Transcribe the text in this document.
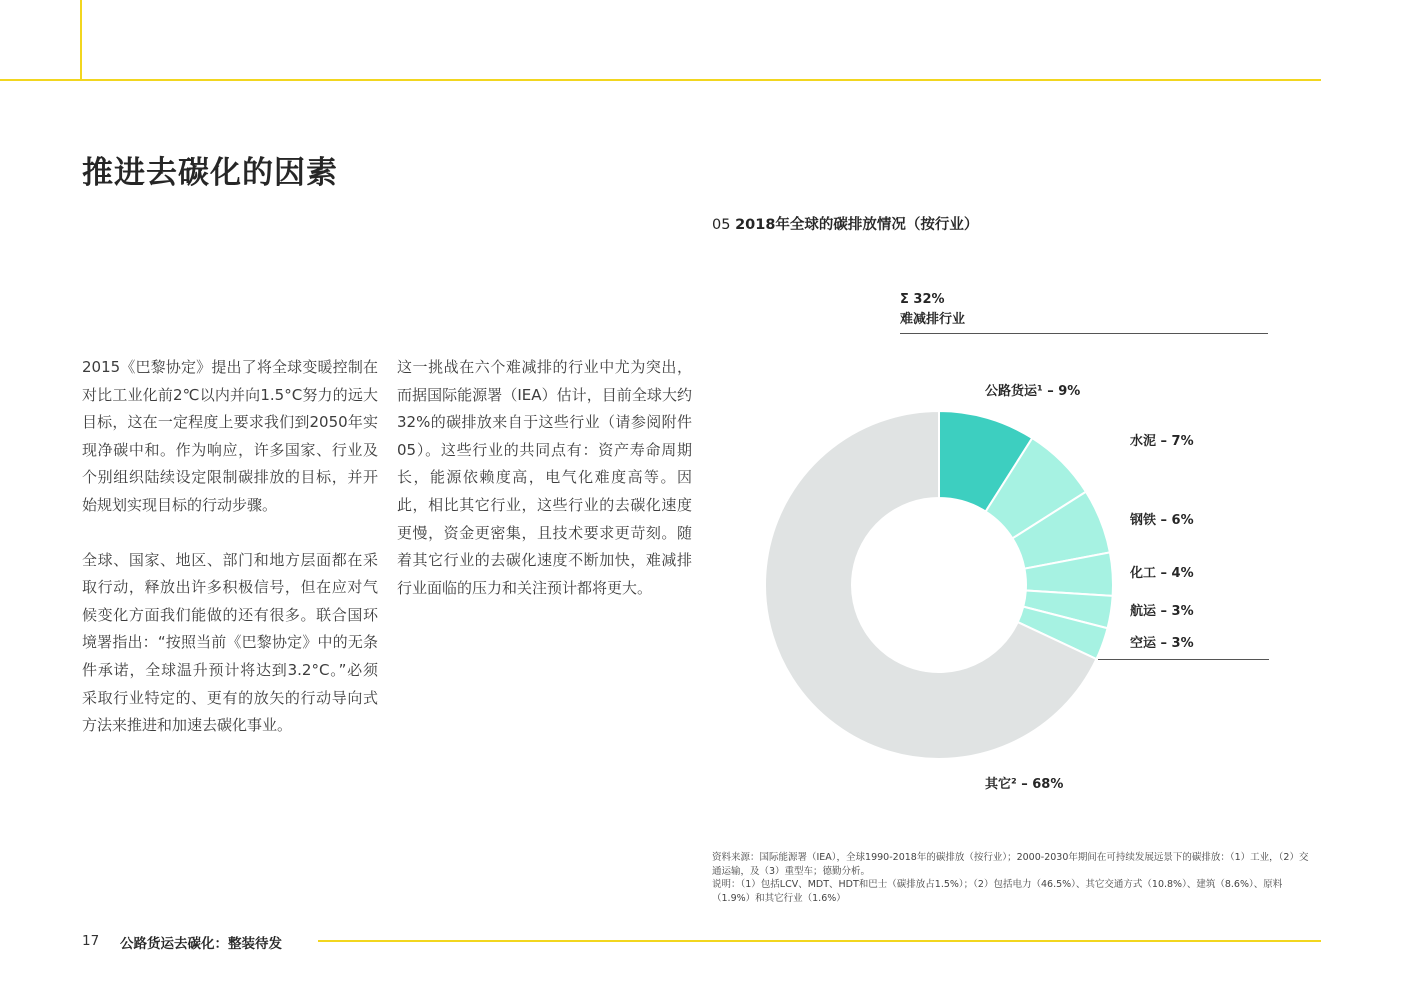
推进去碳化的因素

2015《巴黎协定》提出了将全球变暖控制在对比工业化前2℃以内并向1.5°C努力的远大目标，这在一定程度上要求我们到2050年实现净碳中和。作为响应，许多国家、行业及个别组织陆续设定限制碳排放的目标，并开始规划实现目标的行动步骤。

全球、国家、地区、部门和地方层面都在采取行动，释放出许多积极信号，但在应对气候变化方面我们能做的还有很多。联合国环境署指出：“按照当前《巴黎协定》中的无条件承诺，全球温升预计将达到3.2°C。”必须采取行业特定的、更有的放矢的行动导向式方法来推进和加速去碳化事业。

这一挑战在六个难减排的行业中尤为突出，而据国际能源署（IEA）估计，目前全球大约32%的碳排放来自于这些行业（请参阅附件05）。这些行业的共同点有：资产寿命周期长，能源依赖度高，电气化难度高等。因此，相比其它行业，这些行业的去碳化速度更慢，资金更密集，且技术要求更苛刻。随着其它行业的去碳化速度不断加快，难减排行业面临的压力和关注预计都将更大。

05 2018年全球的碳排放情况（按行业）
Σ 32%
难减排行业
公路货运¹ – 9%
水泥 – 7%
钢铁 – 6%
化工 – 4%
航运 – 3%
空运 – 3%
其它² – 68%
资料来源：国际能源署（IEA），全球1990-2018年的碳排放（按行业）；2000-2030年期间在可持续发展远景下的碳排放：（1）工业，（2）交通运输，及（3）重型车；德勤分析。
说明：（1）包括LCV、MDT、HDT和巴士（碳排放占1.5%）；（2）包括电力（46.5%）、其它交通方式（10.8%）、建筑（8.6%）、原料（1.9%）和其它行业（1.6%）
17 公路货运去碳化：整装待发
